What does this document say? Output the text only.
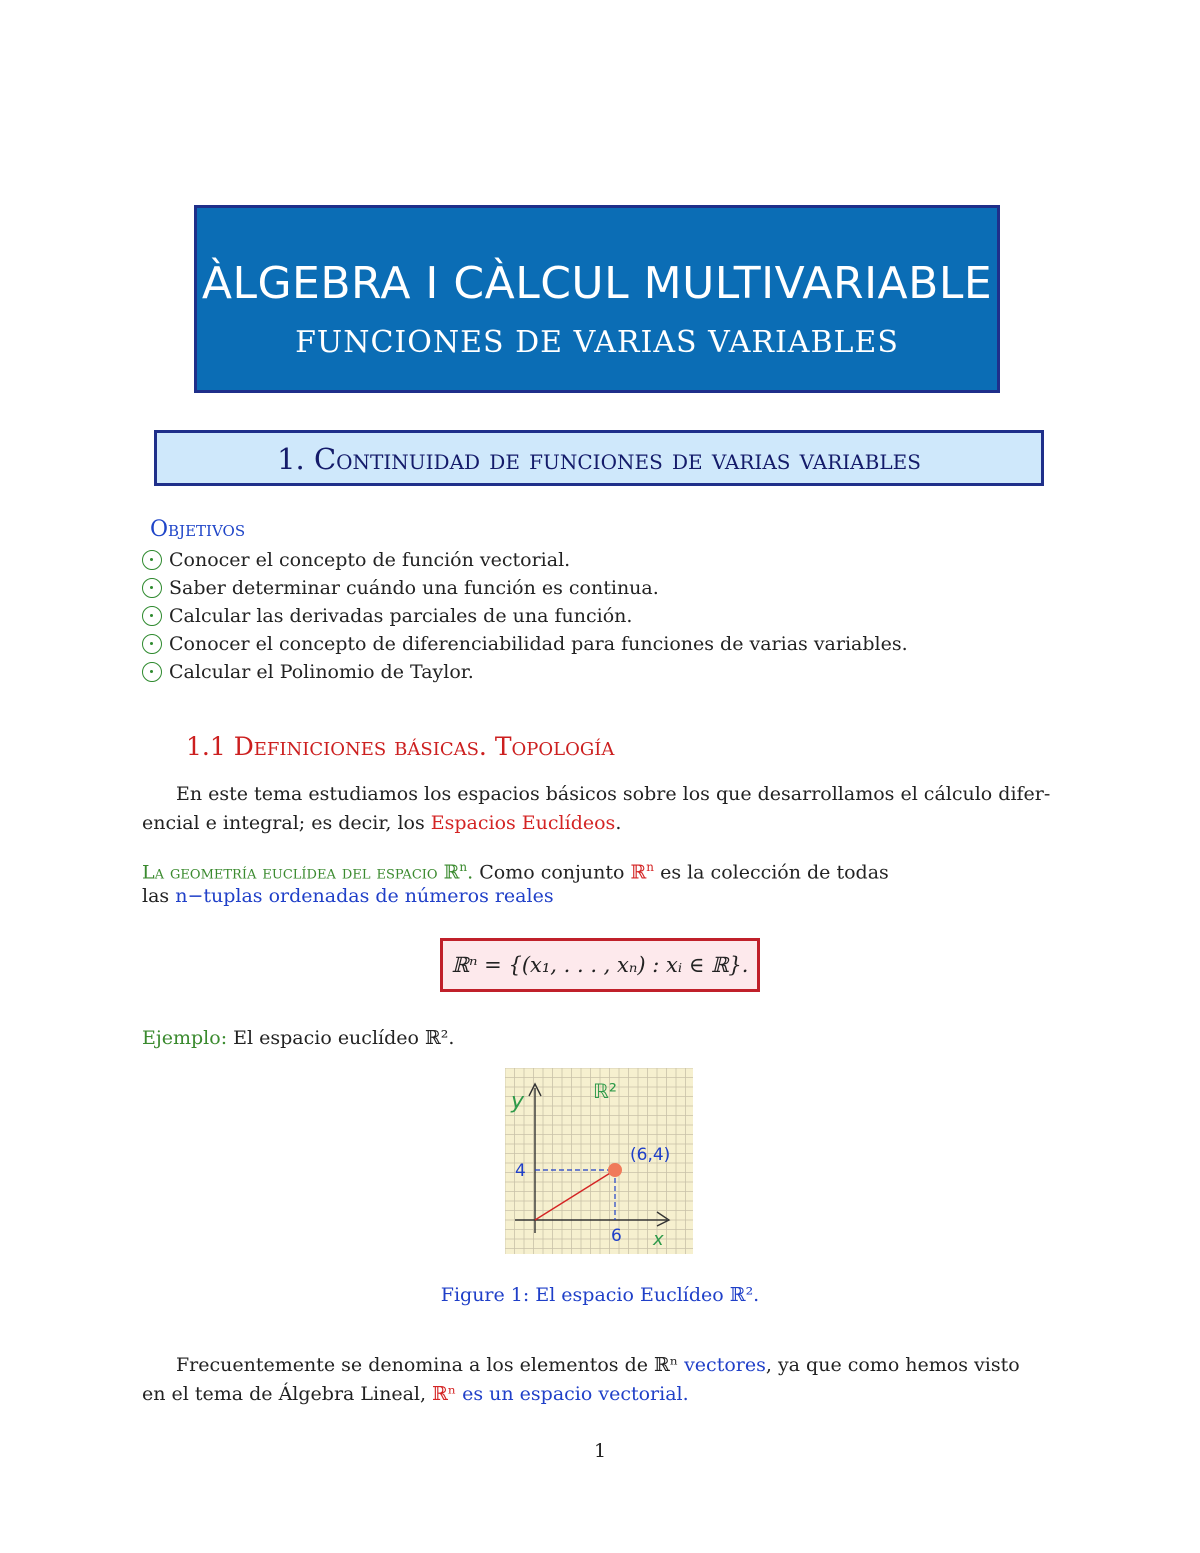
ÀLGEBRA I CÀLCUL MULTIVARIABLE
FUNCIONES DE VARIAS VARIABLES
1. Continuidad de funciones de varias variables
Objetivos
Conocer el concepto de función vectorial.
Saber determinar cuándo una función es continua.
Calcular las derivadas parciales de una función.
Conocer el concepto de diferenciabilidad para funciones de varias variables.
Calcular el Polinomio de Taylor.
1.1 Definiciones básicas. Topología
En este tema estudiamos los espacios básicos sobre los que desarrollamos el cálculo difer-
encial e integral; es decir, los Espacios Euclídeos.
La geometría euclídea del espacio ℝ$^n$. Como conjunto ℝ$^n$ es la colección de todas
las n−tuplas ordenadas de números reales
ℝⁿ = {(x₁, . . . , xₙ) : xᵢ ∈ ℝ}.
Ejemplo: El espacio euclídeo ℝ².
y	ℝ²
(6,4)
4
6 x
Figure 1: El espacio Euclídeo ℝ².
Frecuentemente se denomina a los elementos de ℝⁿ vectores, ya que como hemos visto
en el tema de Álgebra Lineal, ℝⁿ es un espacio vectorial.
1
